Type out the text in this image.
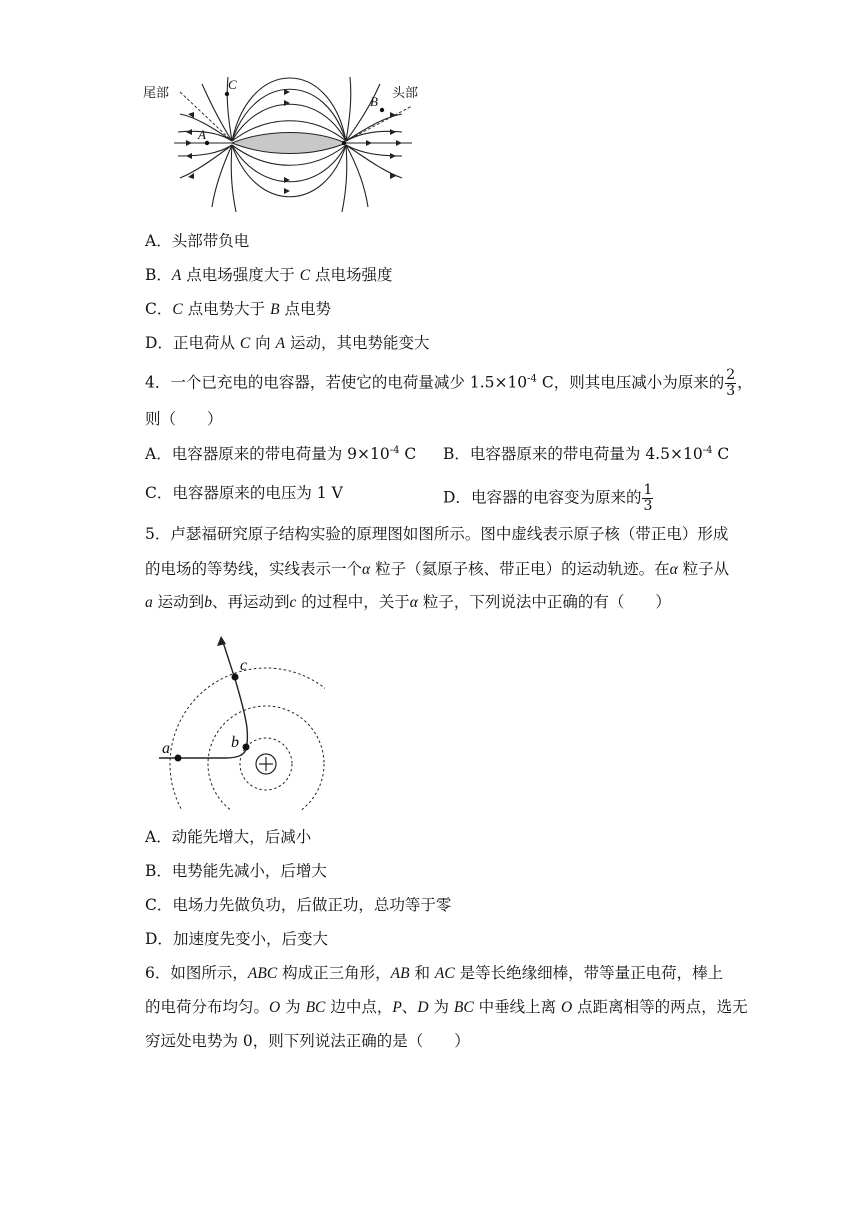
尾部	头部
A
B
C
A．头部带负电
B．A 点电场强度大于 C 点电场强度
C．C 点电势大于 B 点电势
D．正电荷从 C 向 A 运动，其电势能变大
4．一个已充电的电容器，若使它的电荷量减少 $1.5\times 10^{-4}$ C，则其电压减小为原来的 $\frac{2}{3}$ ，
则（　　）
A．电容器原来的带电荷量为 $9\times 10^{-4}$ C B．电容器原来的带电荷量为 $4.5\times 10^{-4}$ C
C．电容器原来的电压为 1 V	D．电容器的电容变为原来的 $\frac{1}{3}$
5．卢瑟福研究原子结构实验的原理图如图所示。图中虚线表示原子核（带正电）形成
的电场的等势线，实线表示一个α 粒子（氦原子核、带正电）的运动轨迹。在α 粒子从
a 运动到b、再运动到c 的过程中，关于α 粒子，下列说法中正确的有（　　）
a	b
c
A．动能先增大，后减小
B．电势能先减小，后增大
C．电场力先做负功，后做正功，总功等于零
D．加速度先变小，后变大
6．如图所示，ABC 构成正三角形，AB 和 AC 是等长绝缘细棒，带等量正电荷，棒上
的电荷分布均匀。O 为 BC 边中点，P、D 为 BC 中垂线上离 O 点距离相等的两点，选无
穷远处电势为 0，则下列说法正确的是（　　）
